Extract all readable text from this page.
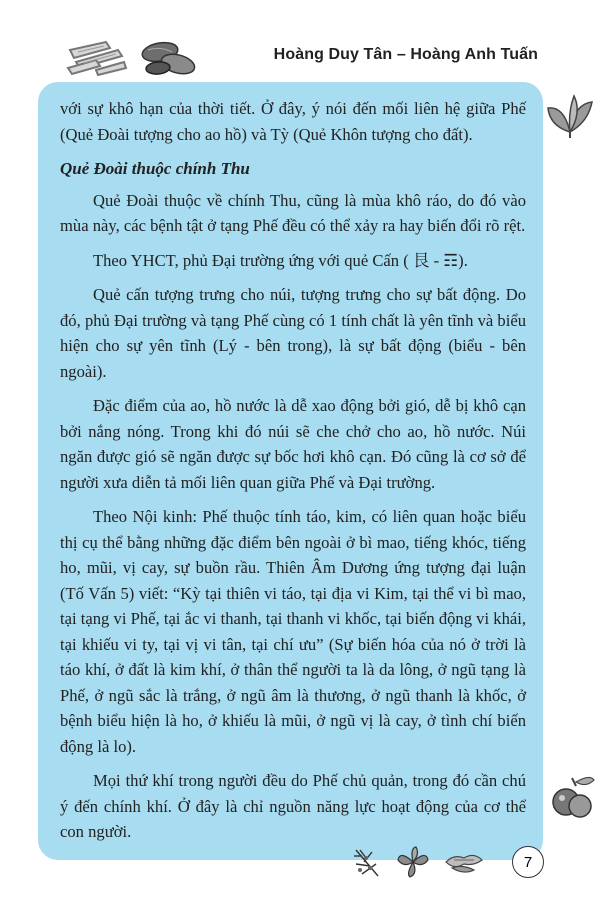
Hoàng Duy Tân – Hoàng Anh Tuấn

với sự khô hạn của thời tiết. Ở đây, ý nói đến mối liên hệ giữa Phế (Quẻ Đoài tượng cho ao hồ) và Tỳ (Quẻ Khôn tượng cho đất).

Quẻ Đoài thuộc chính Thu

Quẻ Đoài thuộc về chính Thu, cũng là mùa khô ráo, do đó vào mùa này, các bệnh tật ở tạng Phế đều có thể xảy ra hay biến đổi rõ rệt.

Theo YHCT, phủ Đại trường ứng với quẻ Cấn ( 艮 - ☶).

Quẻ cấn tượng trưng cho núi, tượng trưng cho sự bất động. Do đó, phủ Đại trường và tạng Phế cùng có 1 tính chất là yên tĩnh và biểu hiện cho sự yên tĩnh (Lý - bên trong), là sự bất động (biểu - bên ngoài).

Đặc điểm của ao, hồ nước là dễ xao động bởi gió, dễ bị khô cạn bởi nắng nóng. Trong khi đó núi sẽ che chở cho ao, hồ nước. Núi ngăn được gió sẽ ngăn được sự bốc hơi khô cạn. Đó cũng là cơ sở để người xưa diễn tả mối liên quan giữa Phế và Đại trường.

Theo Nội kinh: Phế thuộc tính táo, kim, có liên quan hoặc biểu thị cụ thể bằng những đặc điểm bên ngoài ở bì mao, tiếng khóc, tiếng ho, mũi, vị cay, sự buồn rầu. Thiên Âm Dương ứng tượng đại luận (Tố Vấn 5) viết: “Kỳ tại thiên vi táo, tại địa vi Kim, tại thể vi bì mao, tại tạng vi Phế, tại ắc vi thanh, tại thanh vi khốc, tại biến động vi khái, tại khiếu vi ty, tại vị vi tân, tại chí ưu” (Sự biến hóa của nó ở trời là táo khí, ở đất là kim khí, ở thân thể người ta là da lông, ở ngũ tạng là Phế, ở ngũ sắc là trắng, ở ngũ âm là thương, ở ngũ thanh là khốc, ở bệnh biểu hiện là ho, ở khiếu là mũi, ở ngũ vị là cay, ở tình chí biến động là lo).

Mọi thứ khí trong người đều do Phế chủ quản, trong đó cần chú ý đến chính khí. Ở đây là chỉ nguồn năng lực hoạt động của cơ thể con người.

7
